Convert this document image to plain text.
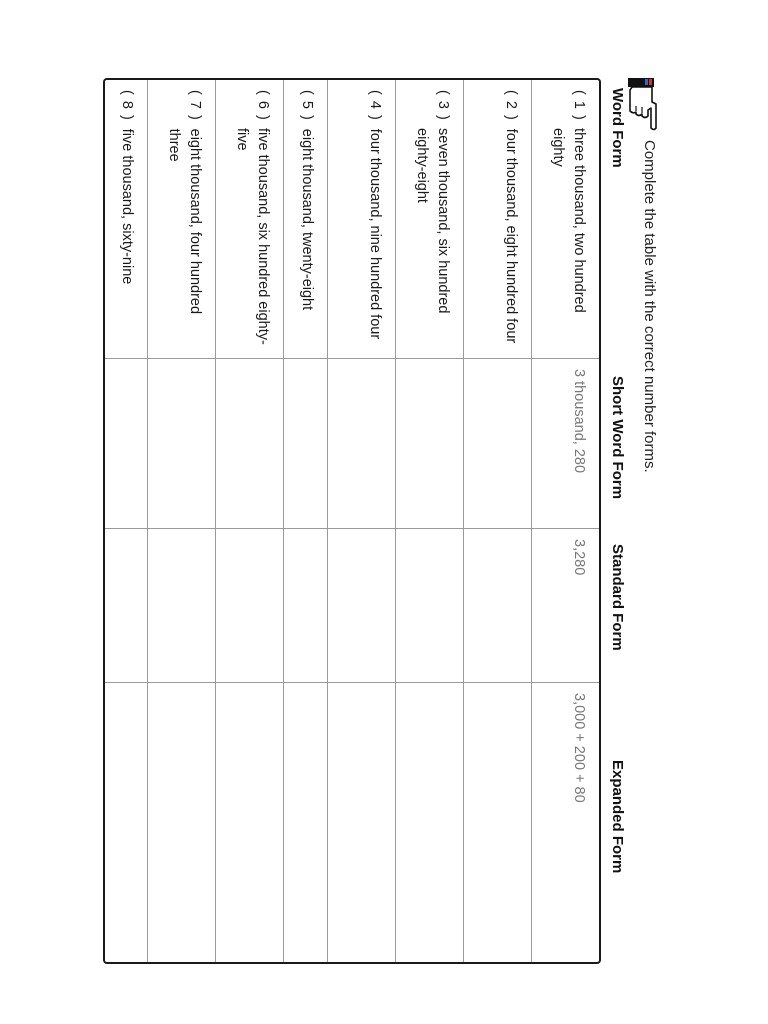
Complete the table with the correct number forms.
Word Form
Short Word Form
Standard Form
Expanded Form
( 1 )
three thousand, two hundred eighty
3 thousand, 280
3,280
3,000 + 200 + 80
( 2 )
four thousand, eight hundred four
( 3 )
seven thousand, six hundred eighty-eight
( 4 )
four thousand, nine hundred four
( 5 )
eight thousand, twenty-eight
( 6 )
five thousand, six hundred eighty-five
( 7 )
eight thousand, four hundred three
( 8 )
five thousand, sixty-nine
